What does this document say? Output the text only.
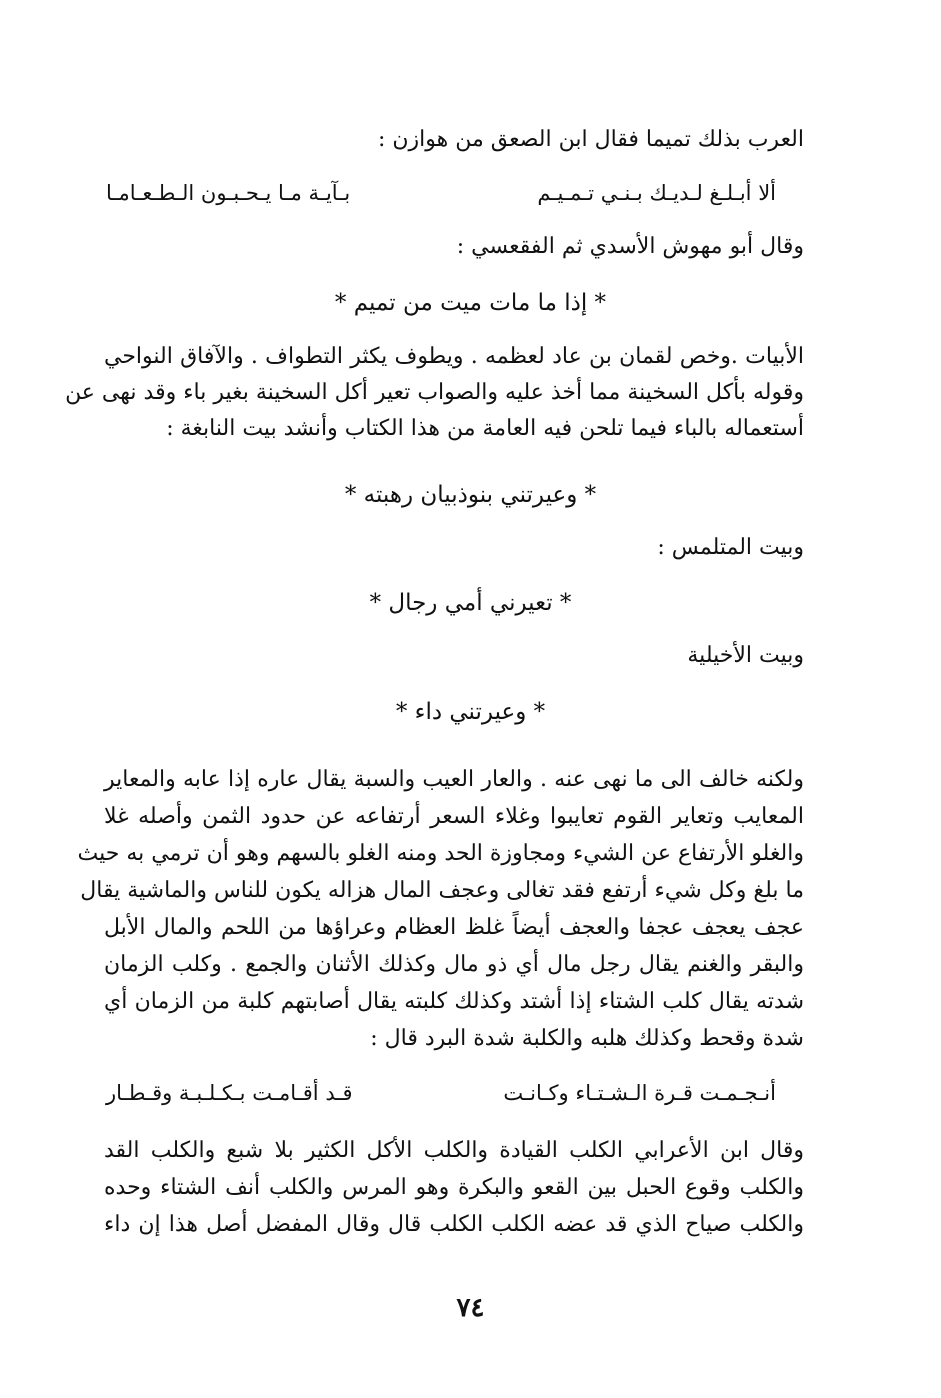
العرب بذلك تميما فقال ابن الصعق من هوازن :
ألا أبـلـغ لـديـك بـنـي تـمـيـم
بـآيـة مـا يـحـبـون الـطـعـامـا
وقال أبو مهوش الأسدي ثم الفقعسي :
* إذا ما مات ميت من تميم *
الأبيات .وخص لقمان بن عاد لعظمه . ويطوف يكثر التطواف . والآفاق النواحي
وقوله بأكل السخينة مما أخذ عليه والصواب تعير أكل السخينة بغير باء وقد نهى عن
أستعماله بالباء فيما تلحن فيه العامة من هذا الكتاب وأنشد بيت النابغة :
* وعيرتني بنوذبيان رهبته *
وبيت المتلمس :
* تعيرني أمي رجال *
وبيت الأخيلية
* وعيرتني داء *
ولكنه خالف الى ما نهى عنه . والعار العيب والسبة يقال عاره إذا عابه والمعاير
المعايب وتعاير القوم تعايبوا وغلاء السعر أرتفاعه عن حدود الثمن وأصله غلا
والغلو الأرتفاع عن الشيء ومجاوزة الحد ومنه الغلو بالسهم وهو أن ترمي به حيث
ما بلغ وكل شيء أرتفع فقد تغالى وعجف المال هزاله يكون للناس والماشية يقال
عجف يعجف عجفا والعجف أيضاً غلظ العظام وعراؤها من اللحم والمال الأبل
والبقر والغنم يقال رجل مال أي ذو مال وكذلك الأثنان والجمع . وكلب الزمان
شدته يقال كلب الشتاء إذا أشتد وكذلك كلبته يقال أصابتهم كلبة من الزمان أي
شدة وقحط وكذلك هلبه والكلبة شدة البرد قال :
أنـجـمـت قـرة الـشـتـاء وكـانـت
قـد أقـامـت بـكـلـبـة وقـطـار
وقال ابن الأعرابي الكلب القيادة والكلب الأكل الكثير بلا شبع والكلب القد
والكلب وقوع الحبل بين القعو والبكرة وهو المرس والكلب أنف الشتاء وحده
والكلب صياح الذي قد عضه الكلب الكلب قال وقال المفضل أصل هذا إن داء
٧٤
